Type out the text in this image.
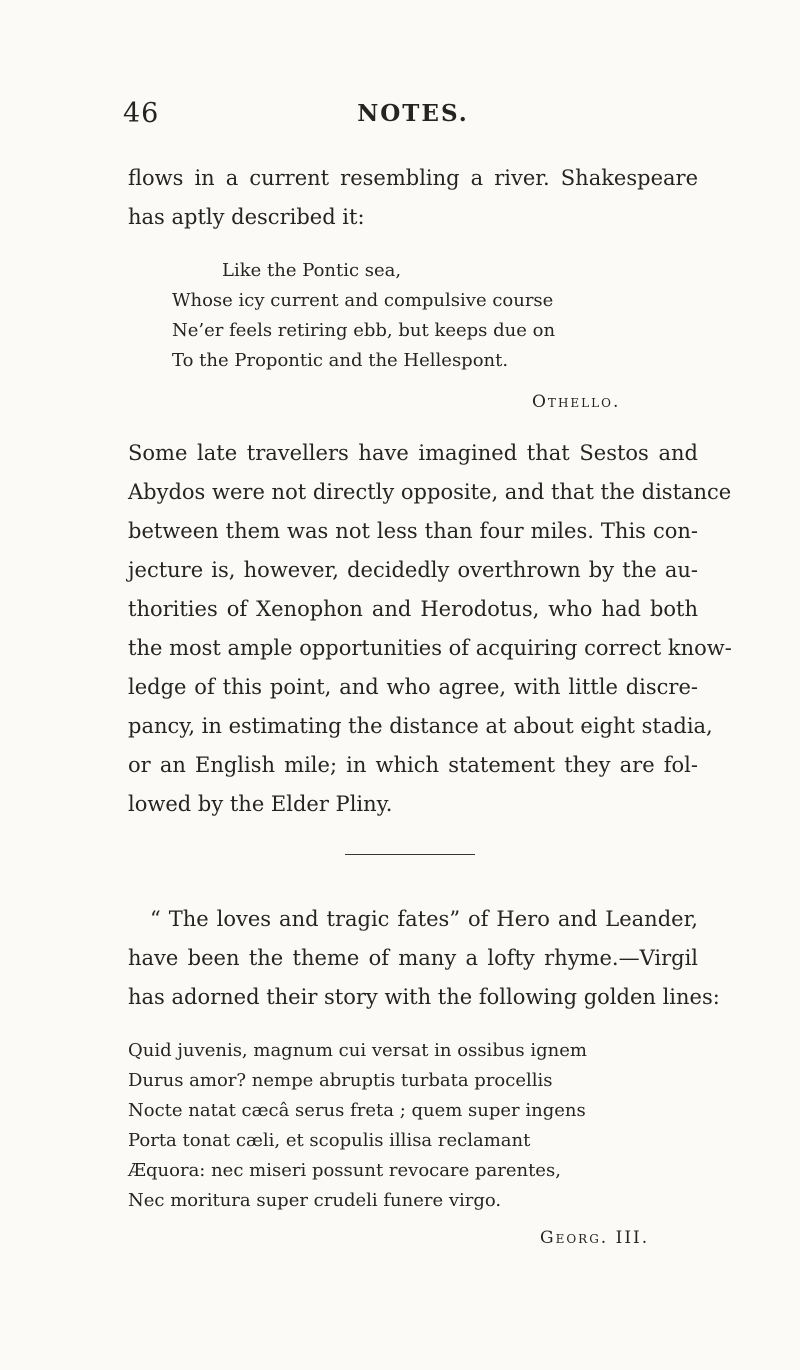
46	NOTES.
flows in a current resembling a river. Shakespeare
has aptly described it:
Like the Pontic sea,
Whose icy current and compulsive course
Ne’er feels retiring ebb, but keeps due on
To the Propontic and the Hellespont.
Othello.
Some late travellers have imagined that Sestos and
Abydos were not directly opposite, and that the distance
between them was not less than four miles. This con-
jecture is, however, decidedly overthrown by the au-
thorities of Xenophon and Herodotus, who had both
the most ample opportunities of acquiring correct know-
ledge of this point, and who agree, with little discre-
pancy, in estimating the distance at about eight stadia,
or an English mile; in which statement they are fol-
lowed by the Elder Pliny.
“ The loves and tragic fates” of Hero and Leander,
have been the theme of many a lofty rhyme.—Virgil
has adorned their story with the following golden lines:
Quid juvenis, magnum cui versat in ossibus ignem
Durus amor? nempe abruptis turbata procellis
Nocte natat cæcâ serus freta ; quem super ingens
Porta tonat cæli, et scopulis illisa reclamant
Æquora: nec miseri possunt revocare parentes,
Nec moritura super crudeli funere virgo.
Georg. III.
